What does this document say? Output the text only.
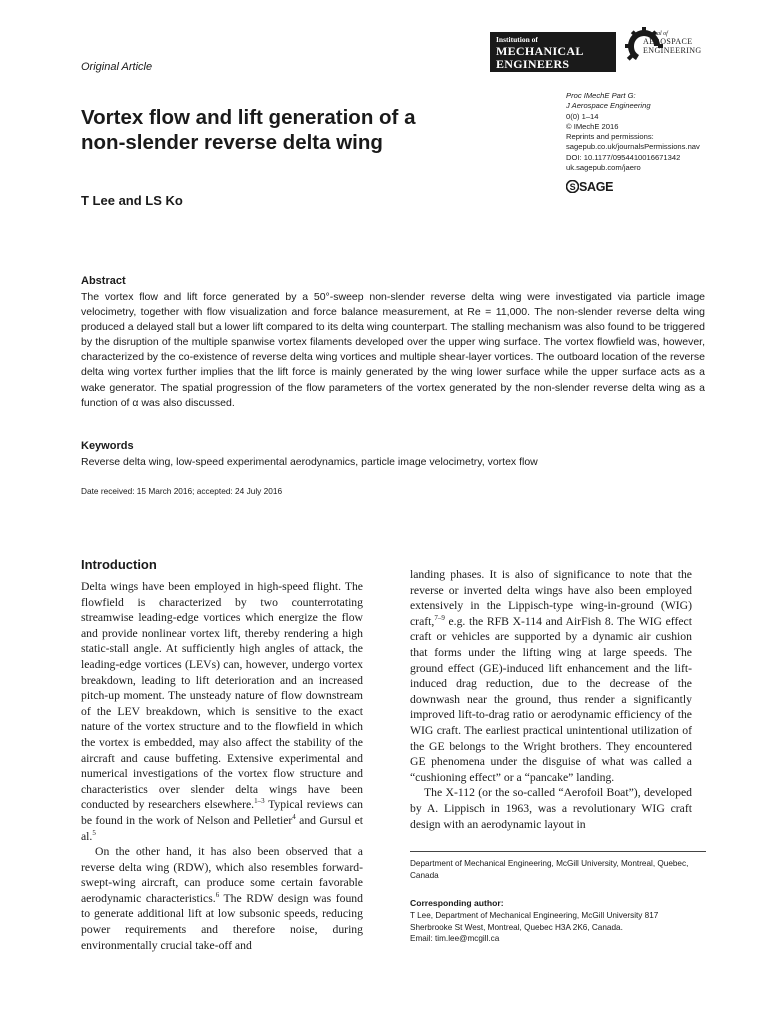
Original Article
Institution of
MECHANICAL
ENGINEERS
Journal of
AEROSPACE
ENGINEERING
Vortex flow and lift generation of a
non-slender reverse delta wing
T Lee and LS Ko
Proc IMechE Part G:
J Aerospace Engineering
0(0) 1–14
© IMechE 2016
Reprints and permissions:
sagepub.co.uk/journalsPermissions.nav
DOI: 10.1177/0954410016671342
uk.sagepub.com/jaero
S SAGE
Abstract
The vortex flow and lift force generated by a 50°-sweep non-slender reverse delta wing were investigated via particle image velocimetry, together with flow visualization and force balance measurement, at Re = 11,000. The non-slender reverse delta wing produced a delayed stall but a lower lift compared to its delta wing counterpart. The stalling mechanism was also found to be triggered by the disruption of the multiple spanwise vortex filaments developed over the upper wing surface. The vortex flowfield was, however, characterized by the co-existence of reverse delta wing vortices and multiple shear-layer vortices. The outboard location of the reverse delta wing vortex further implies that the lift force is mainly generated by the wing lower surface while the upper surface acts as a wake generator. The spatial progression of the flow parameters of the vortex generated by the non-slender reverse delta wing as a function of α was also discussed.
Keywords
Reverse delta wing, low-speed experimental aerodynamics, particle image velocimetry, vortex flow
Date received: 15 March 2016; accepted: 24 July 2016
Introduction

Delta wings have been employed in high-speed flight. The flowfield is characterized by two counterrotating streamwise leading-edge vortices which energize the flow and provide nonlinear vortex lift, thereby rendering a high static-stall angle. At sufficiently high angles of attack, the leading-edge vortices (LEVs) can, however, undergo vortex breakdown, leading to lift deterioration and an increased pitch-up moment. The unsteady nature of flow downstream of the LEV breakdown, which is sensitive to the exact nature of the vortex structure and to the flowfield in which the vortex is embedded, may also affect the stability of the aircraft and cause buffeting. Extensive experimental and numerical investigations of the vortex flow structure and characteristics over slender delta wings have been conducted by researchers elsewhere.$^{1-3}$ Typical reviews can be found in the work of Nelson and Pelletier$^4$ and Gursul et al.$^5$

On the other hand, it has also been observed that a reverse delta wing (RDW), which also resembles forward-swept-wing aircraft, can produce some certain favorable aerodynamic characteristics.$^6$ The RDW design was found to generate additional lift at low subsonic speeds, reducing power requirements and therefore noise, during environmentally crucial take-off and

landing phases. It is also of significance to note that the reverse or inverted delta wings have also been employed extensively in the Lippisch-type wing-in-ground (WIG) craft,$^{7-9}$ e.g. the RFB X-114 and AirFish 8. The WIG effect craft or vehicles are supported by a dynamic air cushion that forms under the lifting wing at large speeds. The ground effect (GE)-induced lift enhancement and the lift-induced drag reduction, due to the decrease of the downwash near the ground, thus render a significantly improved lift-to-drag ratio or aerodynamic efficiency of the WIG craft. The earliest practical unintentional utilization of the GE belongs to the Wright brothers. They encountered GE phenomena under the disguise of what was called a “cushioning effect” or a “pancake” landing.

The X-112 (or the so-called “Aerofoil Boat”), developed by A. Lippisch in 1963, was a revolutionary WIG craft design with an aerodynamic layout in

Department of Mechanical Engineering, McGill University, Montreal, Quebec, Canada
Corresponding author:
T Lee, Department of Mechanical Engineering, McGill University 817
Sherbrooke St West, Montreal, Quebec H3A 2K6, Canada.
Email: tim.lee@mcgill.ca
